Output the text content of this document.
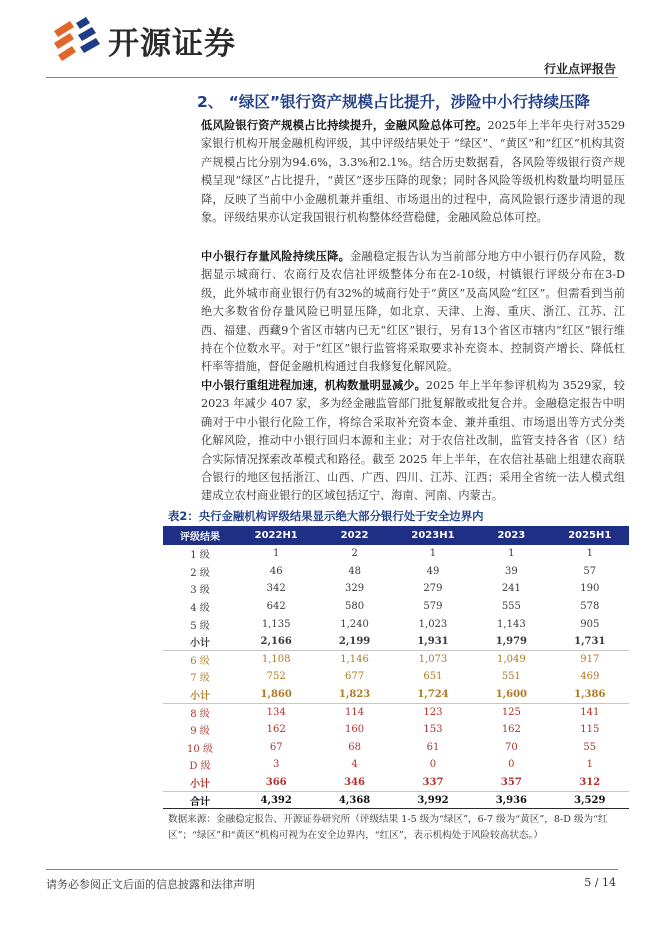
开源证券
行业点评报告
2、 “绿区”银行资产规模占比提升，涉险中小行持续压降
低风险银行资产规模占比持续提升，金融风险总体可控。2025年上半年央行对3529家银行机构开展金融机构评级，其中评级结果处于 “绿区”、“黄区”和“红区”机构其资产规模占比分别为94.6%，3.3%和2.1%。结合历史数据看，各风险等级银行资产规模呈现“绿区”占比提升，“黄区”逐步压降的现象；同时各风险等级机构数量均明显压降，反映了当前中小金融机兼并重组、市场退出的过程中，高风险银行逐步清退的现象。评级结果亦认定我国银行机构整体经营稳健，金融风险总体可控。
中小银行存量风险持续压降。金融稳定报告认为当前部分地方中小银行仍存风险，数据显示城商行、农商行及农信社评级整体分布在2-10级，村镇银行评级分布在3-D级，此外城市商业银行仍有32%的城商行处于“黄区”及高风险“红区”。但需看到当前绝大多数省份存量风险已明显压降，如北京、天津、上海、重庆、浙江、江苏、江西、福建、西藏9个省区市辖内已无“红区”银行，另有13个省区市辖内“红区”银行维持在个位数水平。对于“红区”银行监管将采取要求补充资本、控制资产增长、降低杠杆率等措施，督促金融机构通过自我修复化解风险。
中小银行重组进程加速，机构数量明显减少。2025 年上半年参评机构为 3529家，较 2023 年减少 407 家，多为经金融监管部门批复解散或批复合并。金融稳定报告中明确对于中小银行化险工作，将综合采取补充资本金、兼并重组、市场退出等方式分类化解风险，推动中小银行回归本源和主业；对于农信社改制，监管支持各省（区）结合实际情况探索改革模式和路径。截至 2025 年上半年，在农信社基础上组建农商联合银行的地区包括浙江、山西、广西、四川、江苏、江西；采用全省统一法人模式组建成立农村商业银行的区域包括辽宁、海南、河南、内蒙古。
表2：央行金融机构评级结果显示绝大部分银行处于安全边界内
评级结果	2022H1	2022	2023H1	2023	2025H1
1 级	1	2	1	1	1
2 级	46	48	49	39	57
3 级	342	329	279	241	190
4 级	642	580	579	555	578
5 级	1,135	1,240	1,023	1,143	905
小计	2,166	2,199	1,931	1,979	1,731
6 级	1,108	1,146	1,073	1,049	917
7 级	752	677	651	551	469
小计	1,860	1,823	1,724	1,600	1,386
8 级	134	114	123	125	141
9 级	162	160	153	162	115
10 级	67	68	61	70	55
D 级	3	4	0	0	1
小计	366	346	337	357	312
合计	4,392	4,368	3,992	3,936	3,529
数据来源：金融稳定报告、开源证券研究所（评级结果 1-5 级为“绿区”，6-7 级为“黄区”，8-D 级为“红区”；“绿区”和“黄区”机构可视为在安全边界内，“红区”，表示机构处于风险较高状态。）
请务必参阅正文后面的信息披露和法律声明	5 / 14
